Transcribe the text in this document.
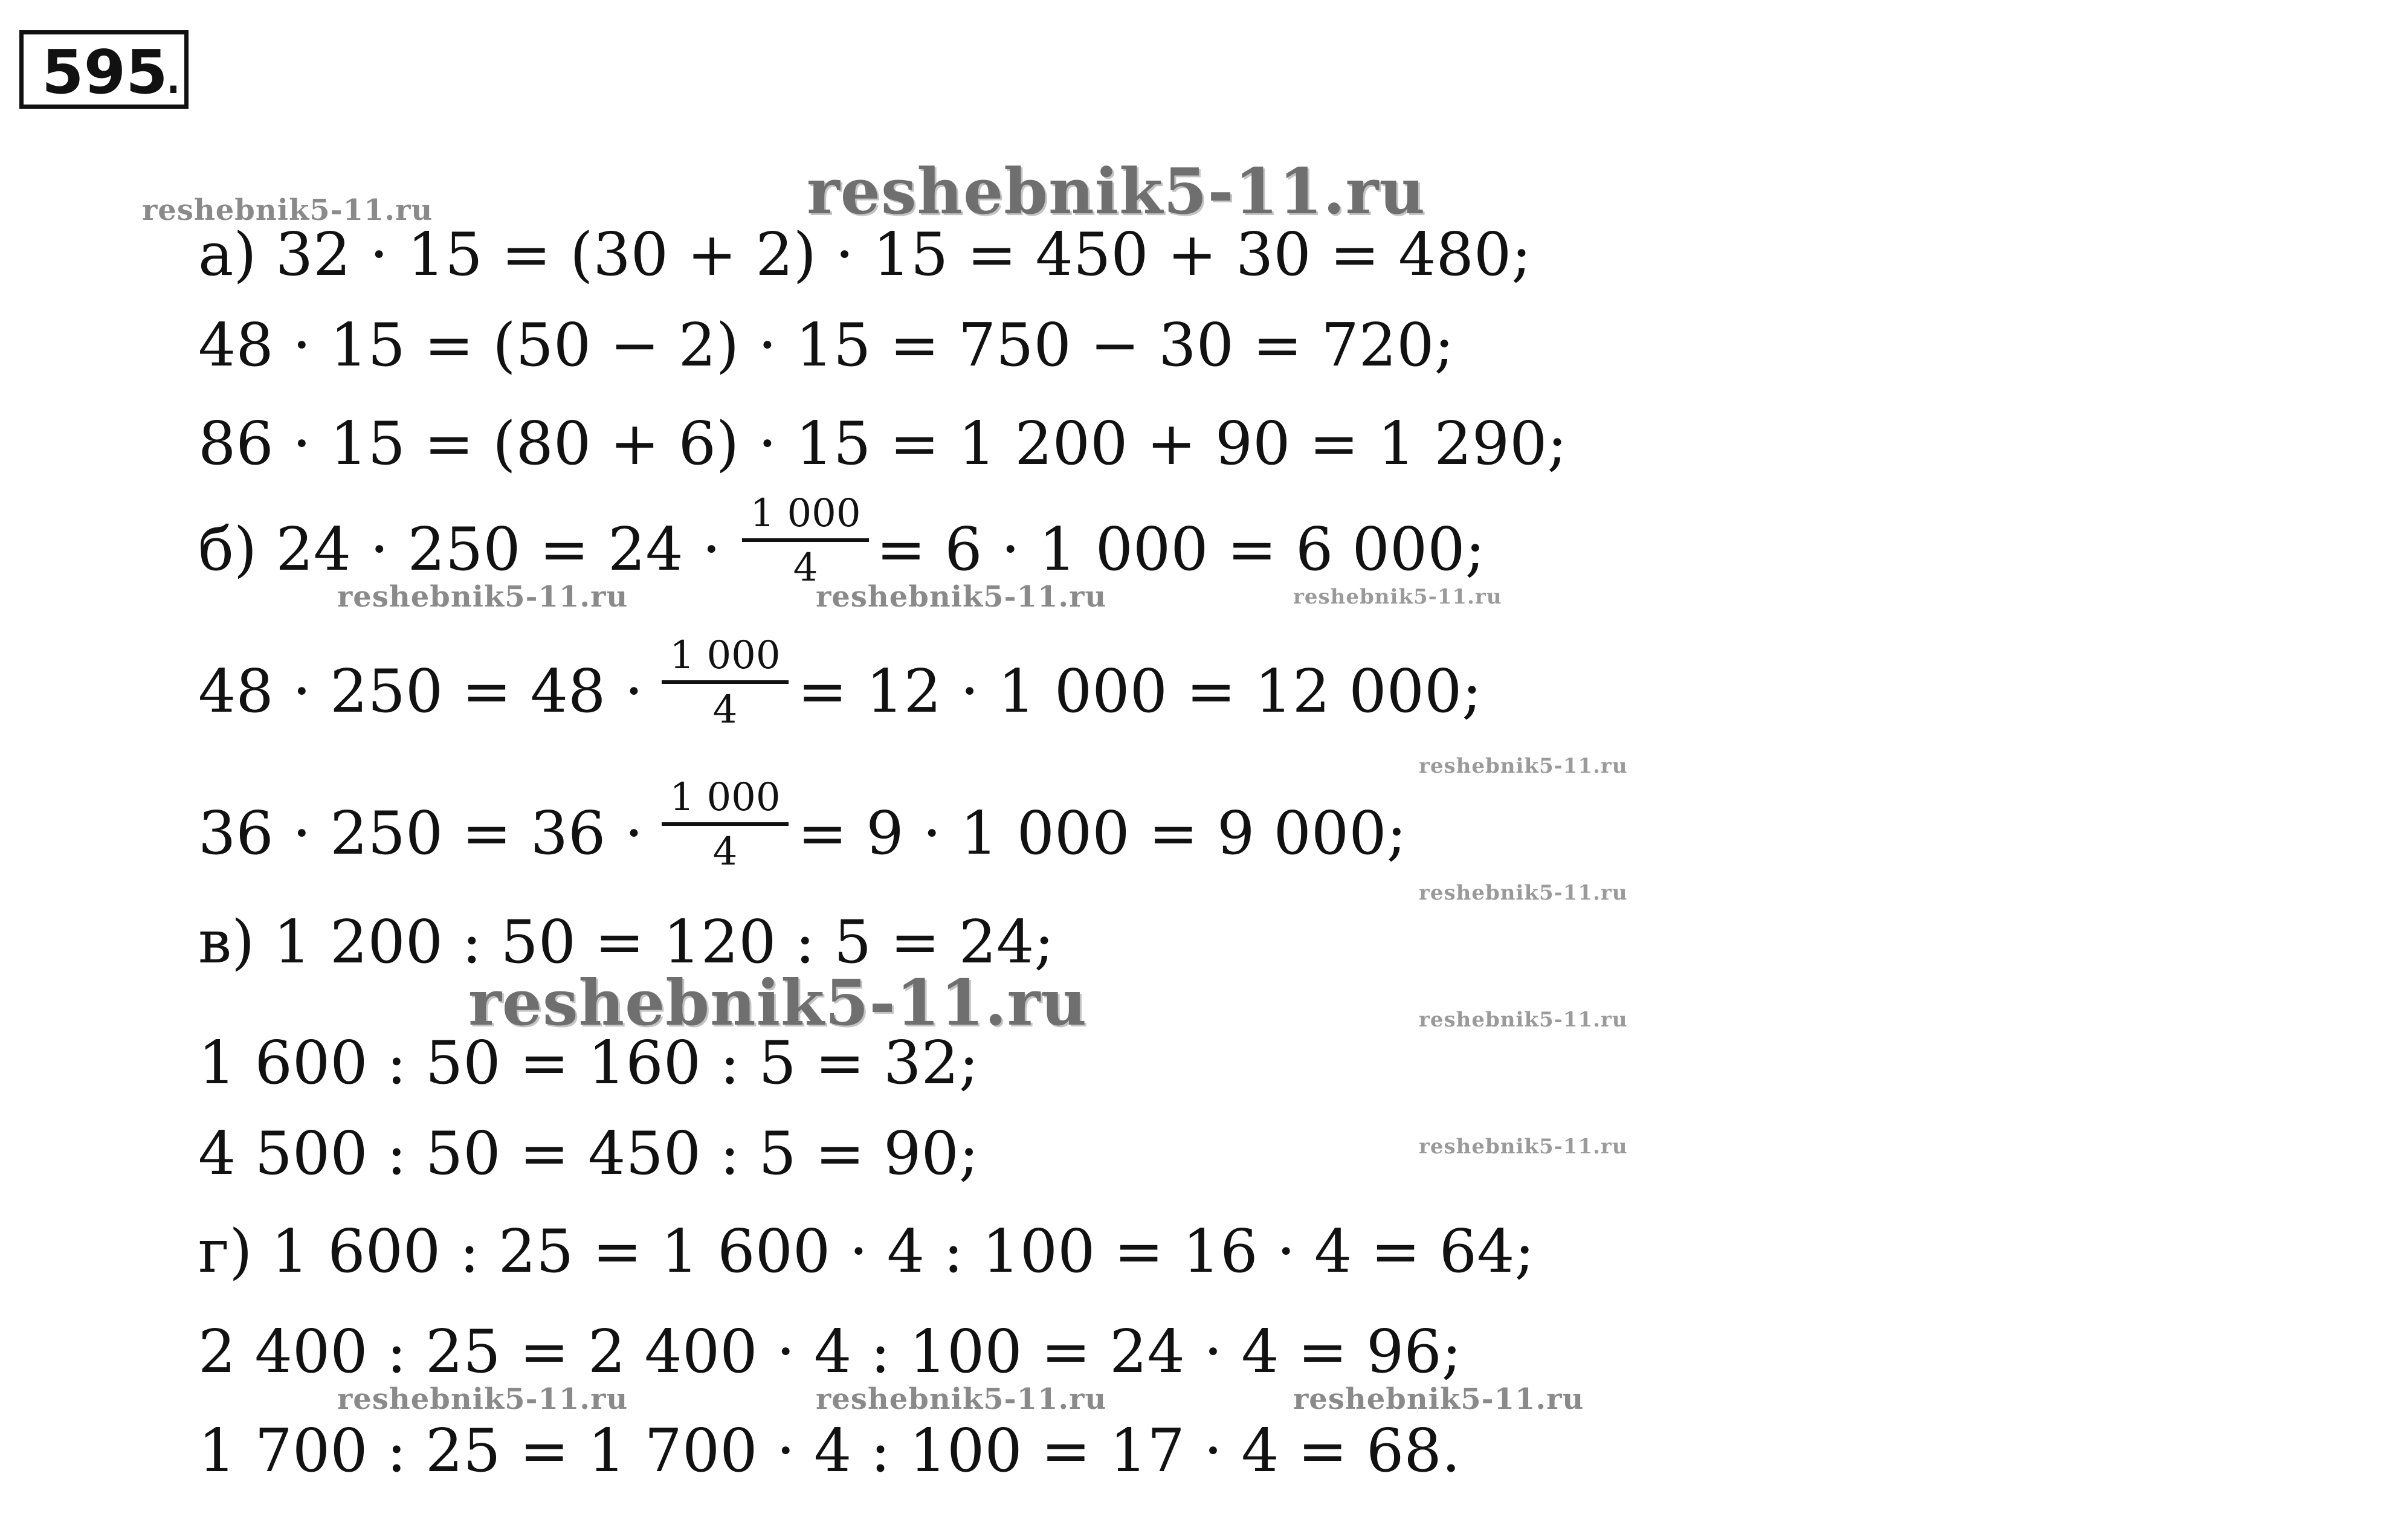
595
.
reshebnik5-11.ru
reshebnik5-11.ru
reshebnik5-11.ru	reshebnik5-11.ru	reshebnik5-11.ru
reshebnik5-11.ru
reshebnik5-11.ru
reshebnik5-11.ru	reshebnik5-11.ru
reshebnik5-11.ru
reshebnik5-11.ru	reshebnik5-11.ru	reshebnik5-11.ru
а) 32 · 15 = (30 + 2) · 15 = 450 + 30 = 480;
48 · 15 = (50 − 2) · 15 = 750 − 30 = 720;
86 · 15 = (80 + 6) · 15 = 1 200 + 90 = 1 290;
б) $24 \cdot 250 = 24 \cdot \frac{1 000}{4} = 6 \cdot 1$ 000 = 6 000;
$48 \cdot 250 = 48 \cdot \frac{1 000}{4} = 12 \cdot 1$ 000 = 12 000;
$36 \cdot 250 = 36 \cdot \frac{1 000}{4} = 9 \cdot 1$ 000 = 9 000;
в) 1 200 : 50 = 120 : 5 = 24;
1 600 : 50 = 160 : 5 = 32;
4 500 : 50 = 450 : 5 = 90;
г) 1 600 : 25 = 1 600 · 4 : 100 = 16 · 4 = 64;
2 400 : 25 = 2 400 · 4 : 100 = 24 · 4 = 96;
1 700 : 25 = 1 700 · 4 : 100 = 17 · 4 = 68.
